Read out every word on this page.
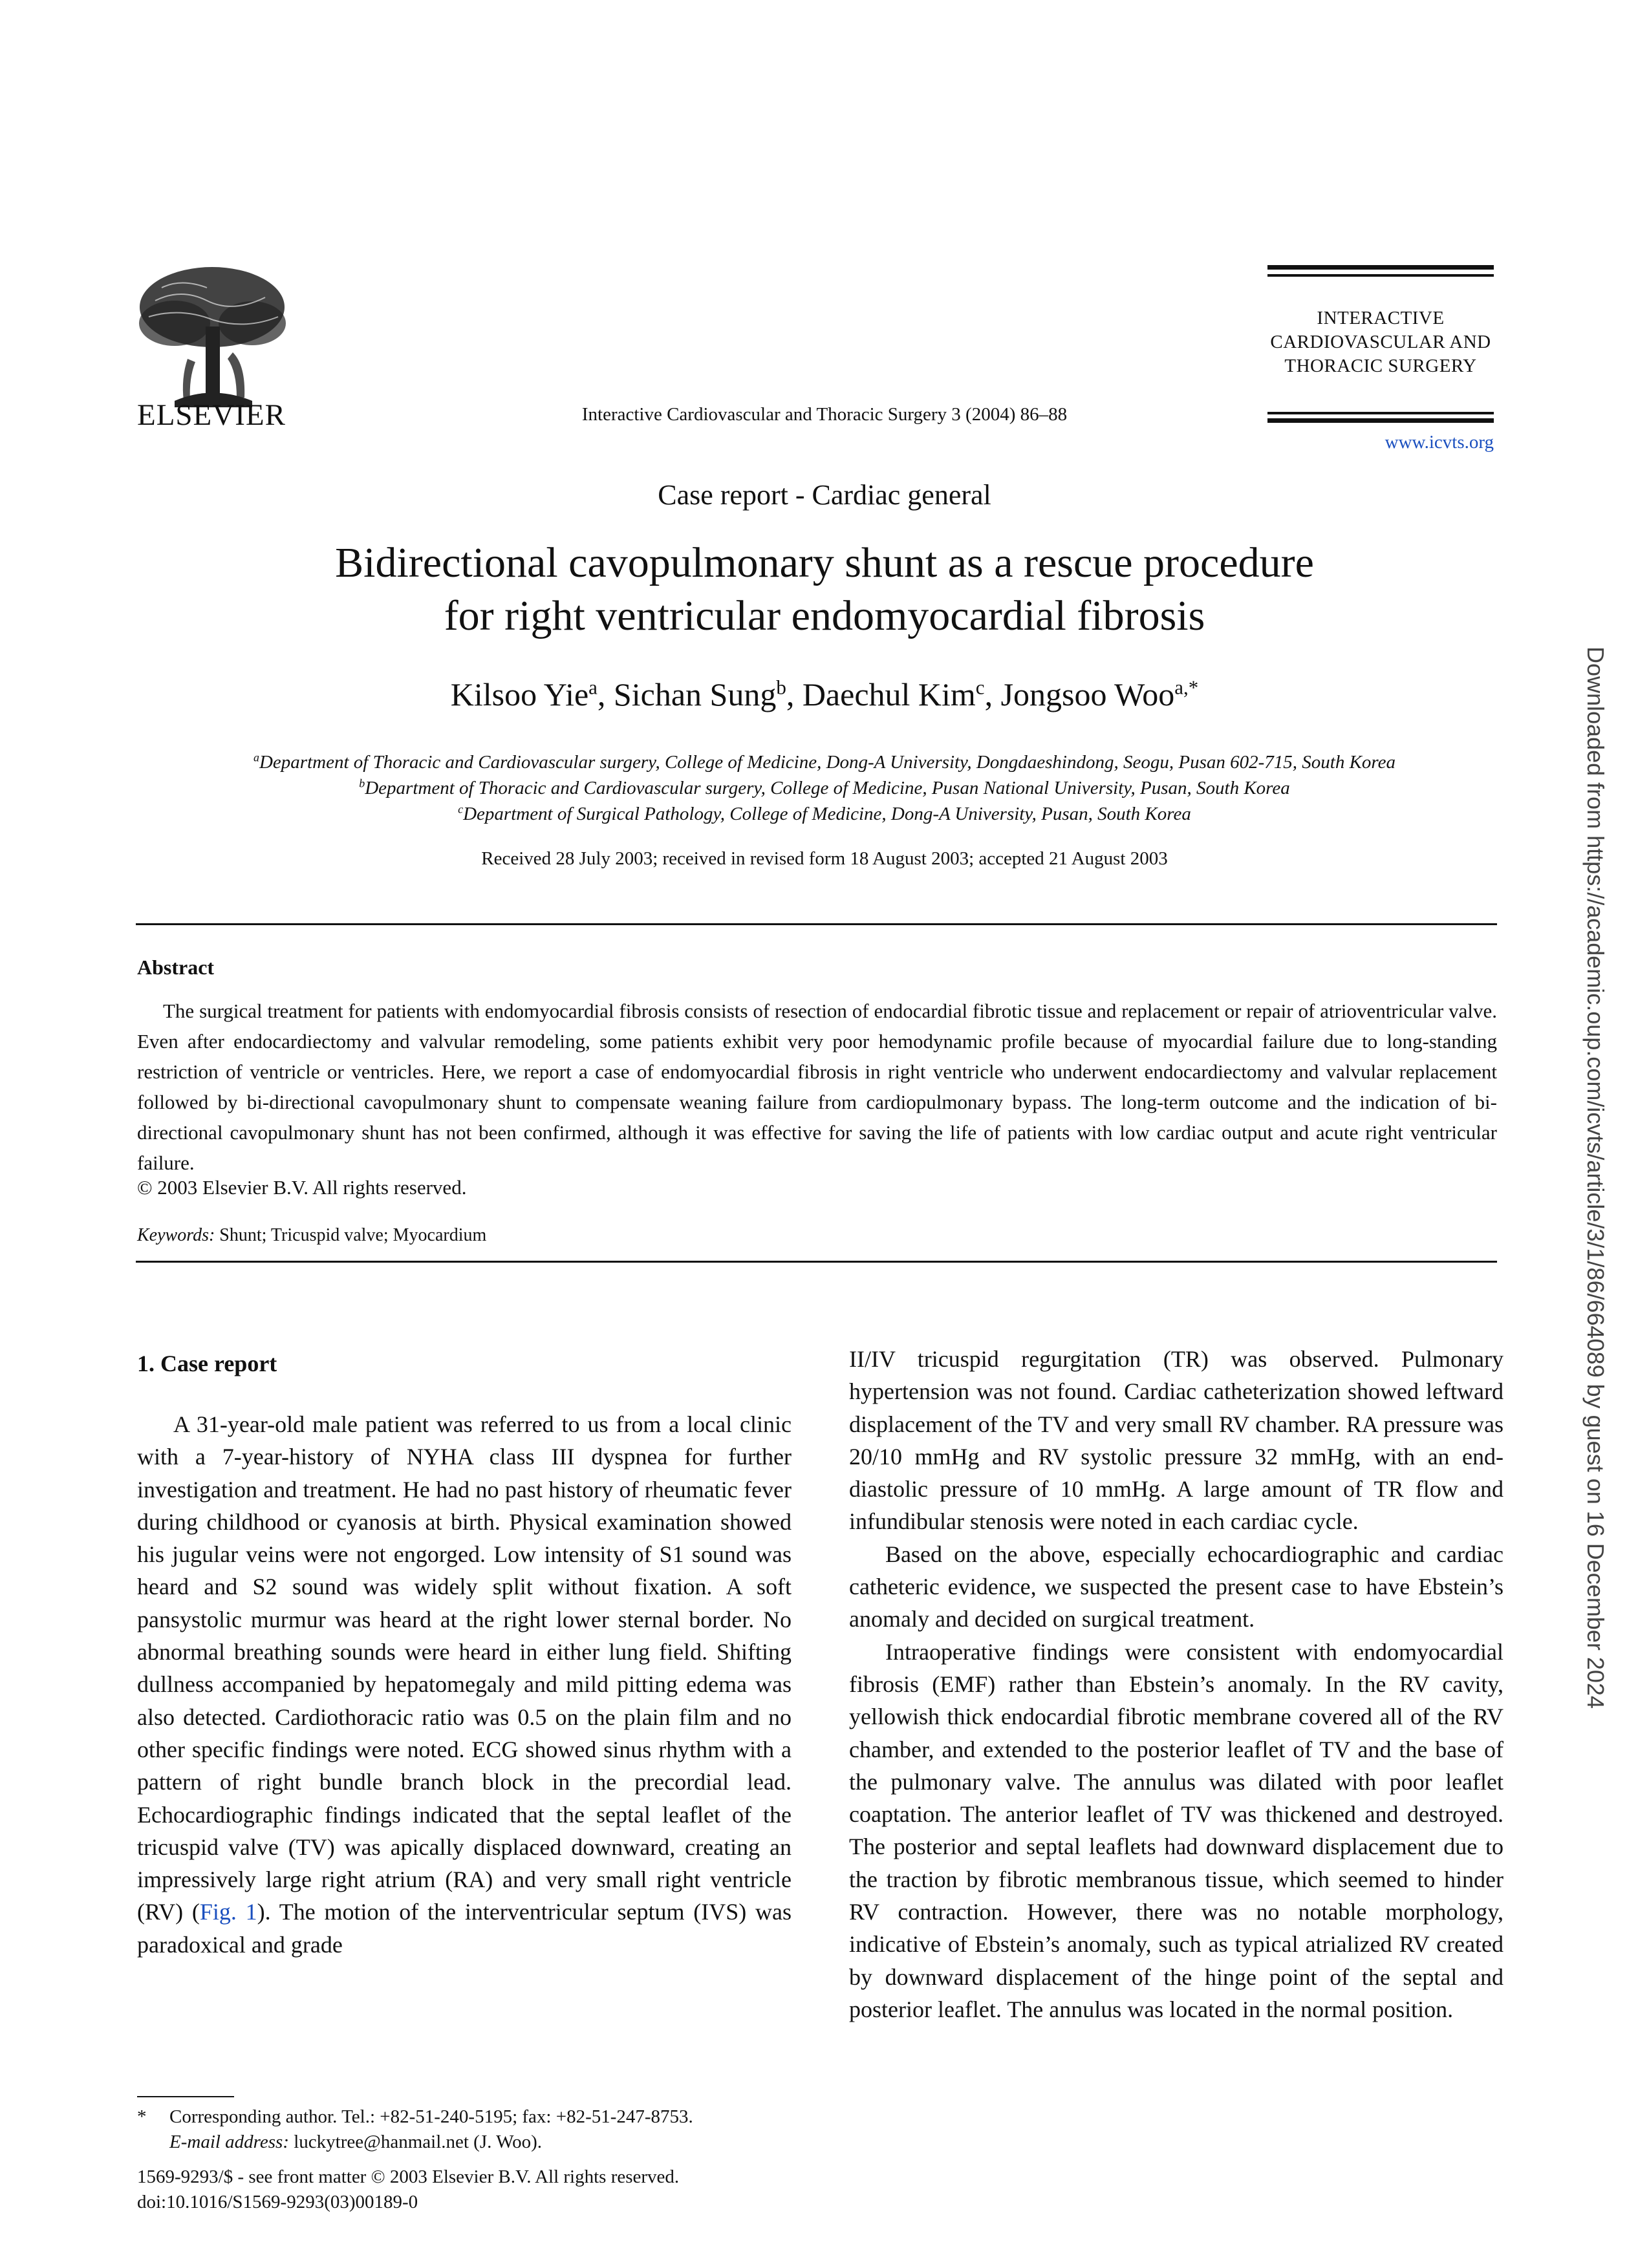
ELSEVIER	Interactive Cardiovascular and Thoracic Surgery 3 (2004) 86–88
INTERACTIVE
CARDIOVASCULAR AND
THORACIC SURGERY
www.icvts.org
Case report - Cardiac general
Bidirectional cavopulmonary shunt as a rescue procedure
for right ventricular endomyocardial fibrosis
Kilsoo Yie$^a$, Sichan Sung$^b$, Daechul Kim$^c$, Jongsoo Woo$^{a,*}$
$^a$Department of Thoracic and Cardiovascular surgery, College of Medicine, Dong-A University, Dongdaeshindong, Seogu, Pusan 602-715, South Korea
$^b$Department of Thoracic and Cardiovascular surgery, College of Medicine, Pusan National University, Pusan, South Korea
$^c$Department of Surgical Pathology, College of Medicine, Dong-A University, Pusan, South Korea
Received 28 July 2003; received in revised form 18 August 2003; accepted 21 August 2003
Abstract
The surgical treatment for patients with endomyocardial fibrosis consists of resection of endocardial fibrotic tissue and replacement or repair of atrioventricular valve. Even after endocardiectomy and valvular remodeling, some patients exhibit very poor hemodynamic profile because of myocardial failure due to long-standing restriction of ventricle or ventricles. Here, we report a case of endomyocardial fibrosis in right ventricle who underwent endocardiectomy and valvular replacement followed by bi-directional cavopulmonary shunt to compensate weaning failure from cardiopulmonary bypass. The long-term outcome and the indication of bi-directional cavopulmonary shunt has not been confirmed, although it was effective for saving the life of patients with low cardiac output and acute right ventricular failure.
© 2003 Elsevier B.V. All rights reserved.
Keywords: Shunt; Tricuspid valve; Myocardium
1. Case report

A 31-year-old male patient was referred to us from a local clinic with a 7-year-history of NYHA class III dyspnea for further investigation and treatment. He had no past history of rheumatic fever during childhood or cyanosis at birth. Physical examination showed his jugular veins were not engorged. Low intensity of S1 sound was heard and S2 sound was widely split without fixation. A soft pansystolic murmur was heard at the right lower sternal border. No abnormal breathing sounds were heard in either lung field. Shifting dullness accompanied by hepatomegaly and mild pitting edema was also detected. Cardiothoracic ratio was 0.5 on the plain film and no other specific findings were noted. ECG showed sinus rhythm with a pattern of right bundle branch block in the precordial lead. Echocardiographic findings indicated that the septal leaflet of the tricuspid valve (TV) was apically displaced downward, creating an impressively large right atrium (RA) and very small right ventricle (RV) (Fig. 1). The motion of the interventricular septum (IVS) was paradoxical and grade

II/IV tricuspid regurgitation (TR) was observed. Pulmonary hypertension was not found. Cardiac catheterization showed leftward displacement of the TV and very small RV chamber. RA pressure was 20/10 mmHg and RV systolic pressure 32 mmHg, with an end-diastolic pressure of 10 mmHg. A large amount of TR flow and infundibular stenosis were noted in each cardiac cycle.

Based on the above, especially echocardiographic and cardiac catheteric evidence, we suspected the present case to have Ebstein’s anomaly and decided on surgical treatment.

Intraoperative findings were consistent with endomyocardial fibrosis (EMF) rather than Ebstein’s anomaly. In the RV cavity, yellowish thick endocardial fibrotic membrane covered all of the RV chamber, and extended to the posterior leaflet of TV and the base of the pulmonary valve. The annulus was dilated with poor leaflet coaptation. The anterior leaflet of TV was thickened and destroyed. The posterior and septal leaflets had downward displacement due to the traction by fibrotic membranous tissue, which seemed to hinder RV contraction. However, there was no notable morphology, indicative of Ebstein’s anomaly, such as typical atrialized RV created by downward displacement of the hinge point of the septal and posterior leaflet. The annulus was located in the normal position.

* Corresponding author. Tel.: +82-51-240-5195; fax: +82-51-247-8753.
E-mail address: luckytree@hanmail.net (J. Woo).
1569-9293/$ - see front matter © 2003 Elsevier B.V. All rights reserved.
doi:10.1016/S1569-9293(03)00189-0
Downloaded from https://academic.oup.com/icvts/article/3/1/86/664089 by guest on 16 December 2024
